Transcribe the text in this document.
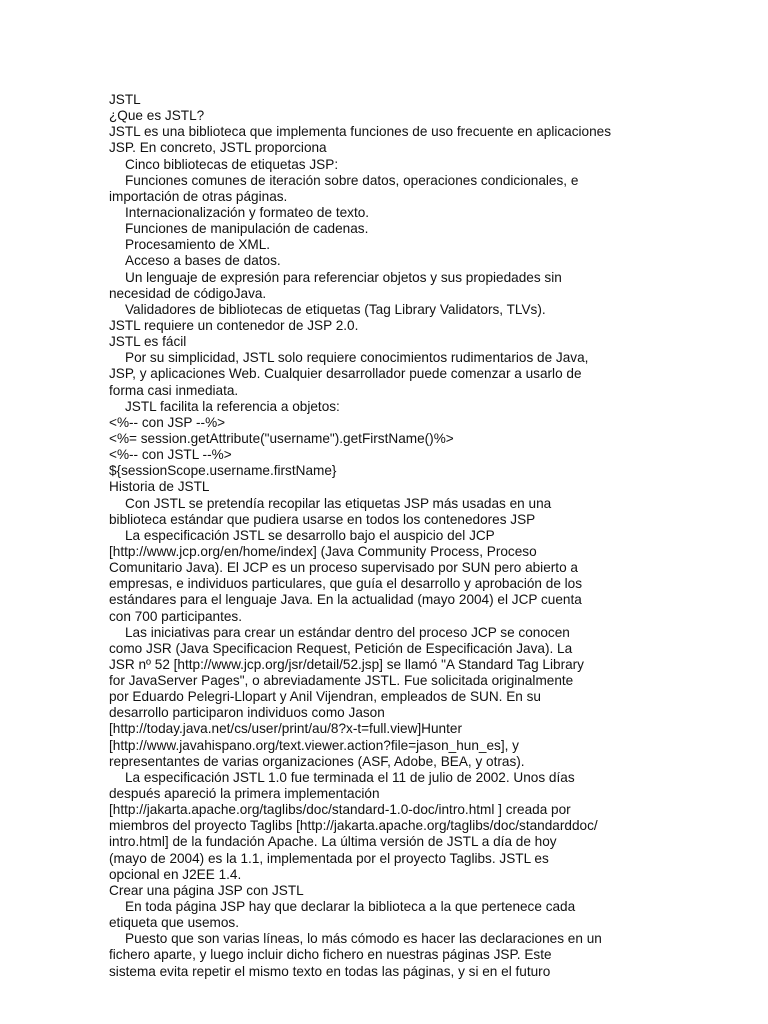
JSTL
¿Que es JSTL?
JSTL es una biblioteca que implementa funciones de uso frecuente en aplicaciones
JSP. En concreto, JSTL proporciona
Cinco bibliotecas de etiquetas JSP:
Funciones comunes de iteración sobre datos, operaciones condicionales, e
importación de otras páginas.
Internacionalización y formateo de texto.
Funciones de manipulación de cadenas.
Procesamiento de XML.
Acceso a bases de datos.
Un lenguaje de expresión para referenciar objetos y sus propiedades sin
necesidad de códigoJava.
Validadores de bibliotecas de etiquetas (Tag Library Validators, TLVs).
JSTL requiere un contenedor de JSP 2.0.
JSTL es fácil
Por su simplicidad, JSTL solo requiere conocimientos rudimentarios de Java,
JSP, y aplicaciones Web. Cualquier desarrollador puede comenzar a usarlo de
forma casi inmediata.
JSTL facilita la referencia a objetos:
<%-- con JSP --%>
<%= session.getAttribute("username").getFirstName()%>
<%-- con JSTL --%>
${sessionScope.username.firstName}
Historia de JSTL
Con JSTL se pretendía recopilar las etiquetas JSP más usadas en una
biblioteca estándar que pudiera usarse en todos los contenedores JSP
La especificación JSTL se desarrollo bajo el auspicio del JCP
[http://www.jcp.org/en/home/index] (Java Community Process, Proceso
Comunitario Java). El JCP es un proceso supervisado por SUN pero abierto a
empresas, e individuos particulares, que guía el desarrollo y aprobación de los
estándares para el lenguaje Java. En la actualidad (mayo 2004) el JCP cuenta
con 700 participantes.
Las iniciativas para crear un estándar dentro del proceso JCP se conocen
como JSR (Java Specificacion Request, Petición de Especificación Java). La
JSR nº 52 [http://www.jcp.org/jsr/detail/52.jsp] se llamó "A Standard Tag Library
for JavaServer Pages", o abreviadamente JSTL. Fue solicitada originalmente
por Eduardo Pelegri-Llopart y Anil Vijendran, empleados de SUN. En su
desarrollo participaron individuos como Jason
[http://today.java.net/cs/user/print/au/8?x-t=full.view]Hunter
[http://www.javahispano.org/text.viewer.action?file=jason_hun_es], y
representantes de varias organizaciones (ASF, Adobe, BEA, y otras).
La especificación JSTL 1.0 fue terminada el 11 de julio de 2002. Unos días
después apareció la primera implementación
[http://jakarta.apache.org/taglibs/doc/standard-1.0-doc/intro.html ] creada por
miembros del proyecto Taglibs [http://jakarta.apache.org/taglibs/doc/standarddoc/
intro.html] de la fundación Apache. La última versión de JSTL a día de hoy
(mayo de 2004) es la 1.1, implementada por el proyecto Taglibs. JSTL es
opcional en J2EE 1.4.
Crear una página JSP con JSTL
En toda página JSP hay que declarar la biblioteca a la que pertenece cada
etiqueta que usemos.
Puesto que son varias líneas, lo más cómodo es hacer las declaraciones en un
fichero aparte, y luego incluir dicho fichero en nuestras páginas JSP. Este
sistema evita repetir el mismo texto en todas las páginas, y si en el futuro
